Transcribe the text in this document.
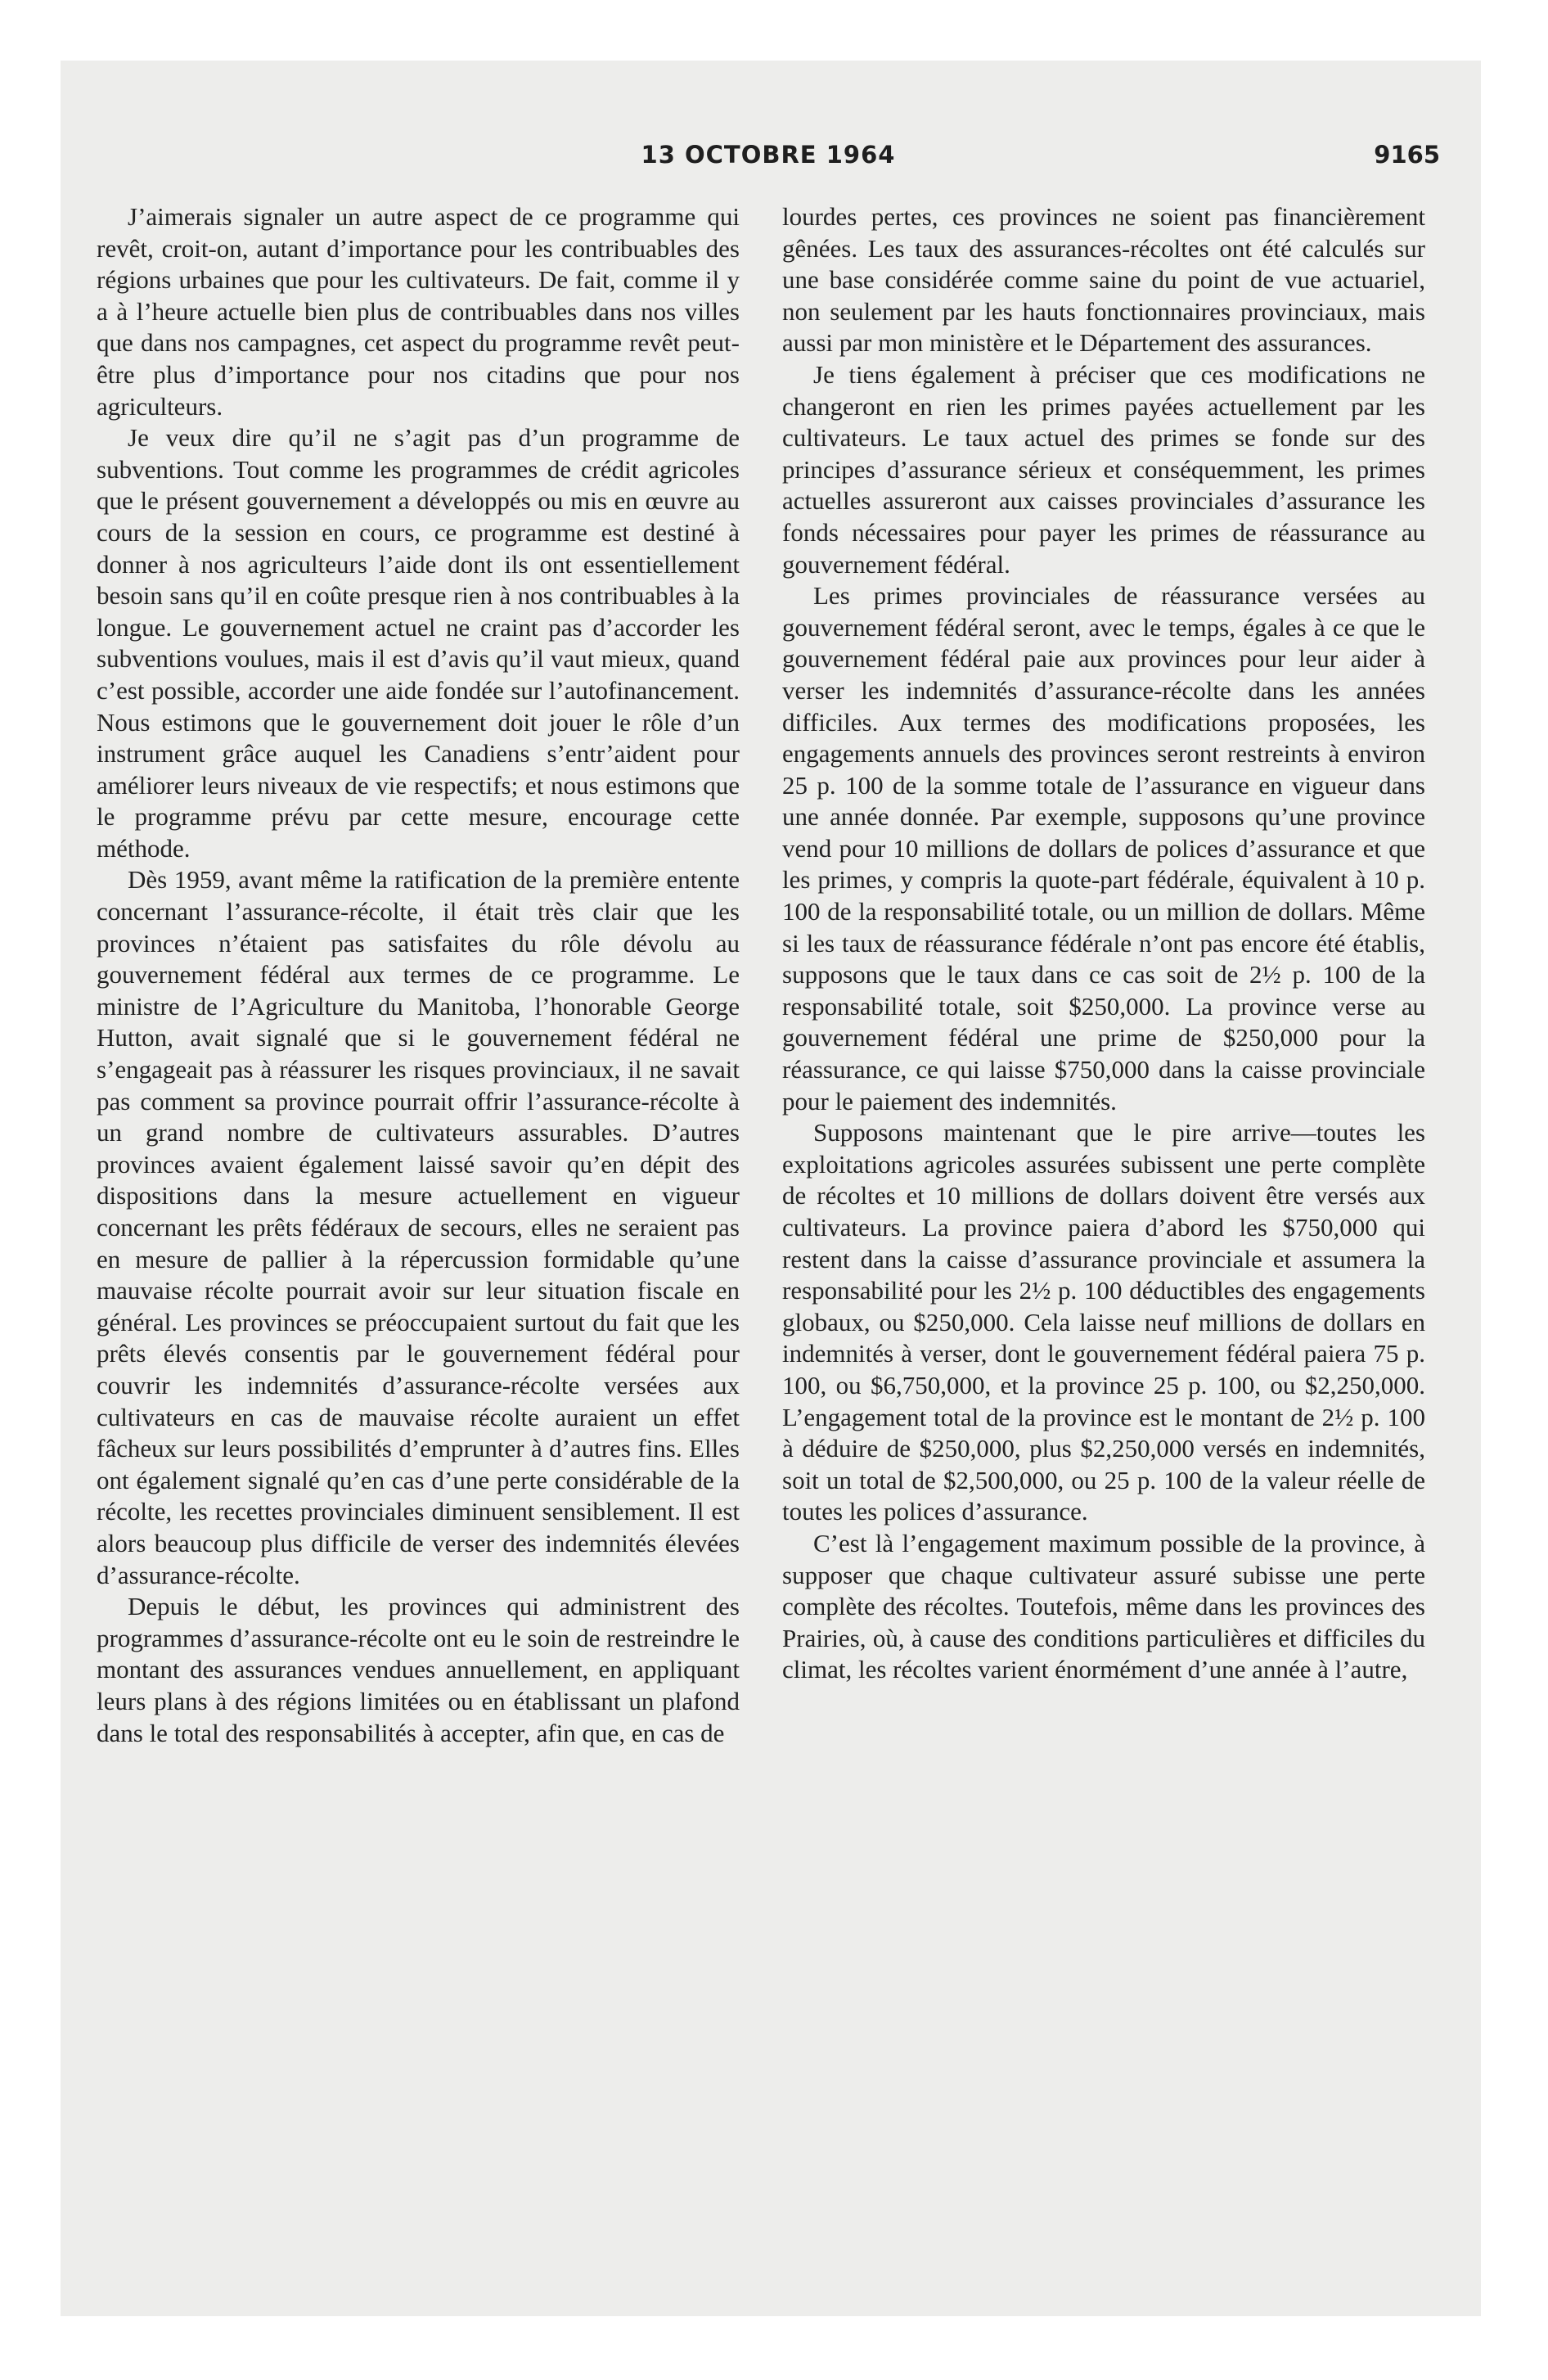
13 OCTOBRE 1964	9165

J’aimerais signaler un autre aspect de ce programme qui revêt, croit-on, autant d’importance pour les contribuables des régions urbaines que pour les cultivateurs. De fait, comme il y a à l’heure actuelle bien plus de contribuables dans nos villes que dans nos campagnes, cet aspect du programme revêt peut-être plus d’importance pour nos citadins que pour nos agriculteurs.

Je veux dire qu’il ne s’agit pas d’un programme de subventions. Tout comme les programmes de crédit agricoles que le présent gouvernement a développés ou mis en œuvre au cours de la session en cours, ce programme est destiné à donner à nos agriculteurs l’aide dont ils ont essentiellement besoin sans qu’il en coûte presque rien à nos contribuables à la longue. Le gouvernement actuel ne craint pas d’accorder les subventions voulues, mais il est d’avis qu’il vaut mieux, quand c’est possible, accorder une aide fondée sur l’autofinancement. Nous estimons que le gouvernement doit jouer le rôle d’un instrument grâce auquel les Canadiens s’entr’aident pour améliorer leurs niveaux de vie respectifs; et nous estimons que le programme prévu par cette mesure, encourage cette méthode.

Dès 1959, avant même la ratification de la première entente concernant l’assurance-récolte, il était très clair que les provinces n’étaient pas satisfaites du rôle dévolu au gouvernement fédéral aux termes de ce programme. Le ministre de l’Agriculture du Manitoba, l’honorable George Hutton, avait signalé que si le gouvernement fédéral ne s’engageait pas à réassurer les risques provinciaux, il ne savait pas comment sa province pourrait offrir l’assurance-récolte à un grand nombre de cultivateurs assurables. D’autres provinces avaient également laissé savoir qu’en dépit des dispositions dans la mesure actuellement en vigueur concernant les prêts fédéraux de secours, elles ne seraient pas en mesure de pallier à la répercussion formidable qu’une mauvaise récolte pourrait avoir sur leur situation fiscale en général. Les provinces se préoccupaient surtout du fait que les prêts élevés consentis par le gouvernement fédéral pour couvrir les indemnités d’assurance-récolte versées aux cultivateurs en cas de mauvaise récolte auraient un effet fâcheux sur leurs possibilités d’emprunter à d’autres fins. Elles ont également signalé qu’en cas d’une perte considérable de la récolte, les recettes provinciales diminuent sensiblement. Il est alors beaucoup plus difficile de verser des indemnités élevées d’assurance-récolte.

Depuis le début, les provinces qui administrent des programmes d’assurance-récolte ont eu le soin de restreindre le montant des assurances vendues annuellement, en appliquant leurs plans à des régions limitées ou en établissant un plafond dans le total des responsabilités à accepter, afin que, en cas de

lourdes pertes, ces provinces ne soient pas financièrement gênées. Les taux des assurances-récoltes ont été calculés sur une base considérée comme saine du point de vue actuariel, non seulement par les hauts fonctionnaires provinciaux, mais aussi par mon ministère et le Département des assurances.

Je tiens également à préciser que ces modifications ne changeront en rien les primes payées actuellement par les cultivateurs. Le taux actuel des primes se fonde sur des principes d’assurance sérieux et conséquemment, les primes actuelles assureront aux caisses provinciales d’assurance les fonds nécessaires pour payer les primes de réassurance au gouvernement fédéral.

Les primes provinciales de réassurance versées au gouvernement fédéral seront, avec le temps, égales à ce que le gouvernement fédéral paie aux provinces pour leur aider à verser les indemnités d’assurance-récolte dans les années difficiles. Aux termes des modifications proposées, les engagements annuels des provinces seront restreints à environ 25 p. 100 de la somme totale de l’assurance en vigueur dans une année donnée. Par exemple, supposons qu’une province vend pour 10 millions de dollars de polices d’assurance et que les primes, y compris la quote-part fédérale, équivalent à 10 p. 100 de la responsabilité totale, ou un million de dollars. Même si les taux de réassurance fédérale n’ont pas encore été établis, supposons que le taux dans ce cas soit de 2½ p. 100 de la responsabilité totale, soit $250,000. La province verse au gouvernement fédéral une prime de $250,000 pour la réassurance, ce qui laisse $750,000 dans la caisse provinciale pour le paiement des indemnités.

Supposons maintenant que le pire arrive—toutes les exploitations agricoles assurées subissent une perte complète de récoltes et 10 millions de dollars doivent être versés aux cultivateurs. La province paiera d’abord les $750,000 qui restent dans la caisse d’assurance provinciale et assumera la responsabilité pour les 2½ p. 100 déductibles des engagements globaux, ou $250,000. Cela laisse neuf millions de dollars en indemnités à verser, dont le gouvernement fédéral paiera 75 p. 100, ou $6,750,000, et la province 25 p. 100, ou $2,250,000. L’engagement total de la province est le montant de 2½ p. 100 à déduire de $250,000, plus $2,250,000 versés en indemnités, soit un total de $2,500,000, ou 25 p. 100 de la valeur réelle de toutes les polices d’assurance.

C’est là l’engagement maximum possible de la province, à supposer que chaque cultivateur assuré subisse une perte complète des récoltes. Toutefois, même dans les provinces des Prairies, où, à cause des conditions particulières et difficiles du climat, les récoltes varient énormément d’une année à l’autre,
